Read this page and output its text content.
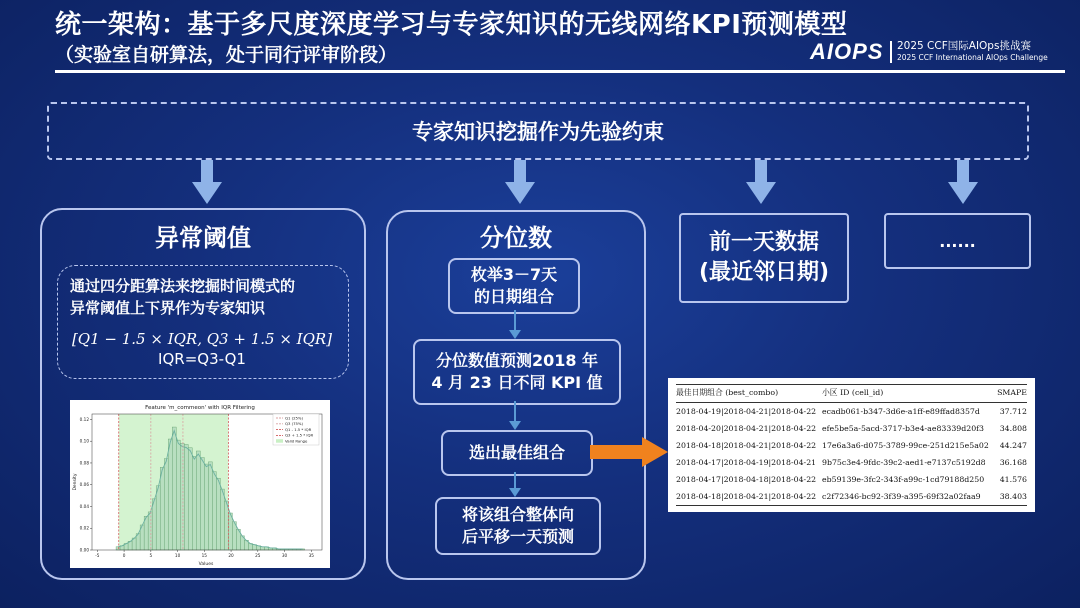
统一架构：基于多尺度深度学习与专家知识的无线网络KPI预测模型
（实验室自研算法，处于同行评审阶段）	AIOPS 2025 CCF国际AIOps挑战赛
2025 CCF International AIOps Challenge
专家知识挖掘作为先验约束
异常阈值
通过四分距算法来挖掘时间模式的
异常阈值上下界作为专家知识
[Q1 − 1.5 × IQR, Q3 + 1.5 × IQR]
IQR=Q3-Q1
Feature 'm_commeon' with IQR Filtering
Density
Values
-5	0	5	10	15	20	25	30	35
0.00
0.02
0.04
0.06
0.08
0.10
0.12	Q1 (25%)
Q3 (75%)
Q1 - 1.5 * IQR
Q3 + 1.5 * IQR
Valid Range
分位数
枚举3－7天
的日期组合
分位数值预测2018 年
4 月 23 日不同 KPI 值
选出最佳组合
将该组合整体向
后平移一天预测
前一天数据
(最近邻日期)
......
最佳日期组合 (best_combo)	小区 ID (cell_id)	SMAPE
2018-04-19|2018-04-21|2018-04-22	ecadb061-b347-3d6e-a1ff-e89ffad8357d	37.712
2018-04-20|2018-04-21|2018-04-22	efe5be5a-5acd-3717-b3e4-ae83339d20f3	34.808
2018-04-18|2018-04-21|2018-04-22	17e6a3a6-d075-3789-99ce-251d215e5a02	44.247
2018-04-17|2018-04-19|2018-04-21	9b75c3e4-9fdc-39c2-aed1-e7137c5192d8	36.168
2018-04-17|2018-04-18|2018-04-22	eb59139e-3fc2-343f-a99c-1cd79188d250	41.576
2018-04-18|2018-04-21|2018-04-22	c2f72346-bc92-3f39-a395-69f32a02faa9	38.403
